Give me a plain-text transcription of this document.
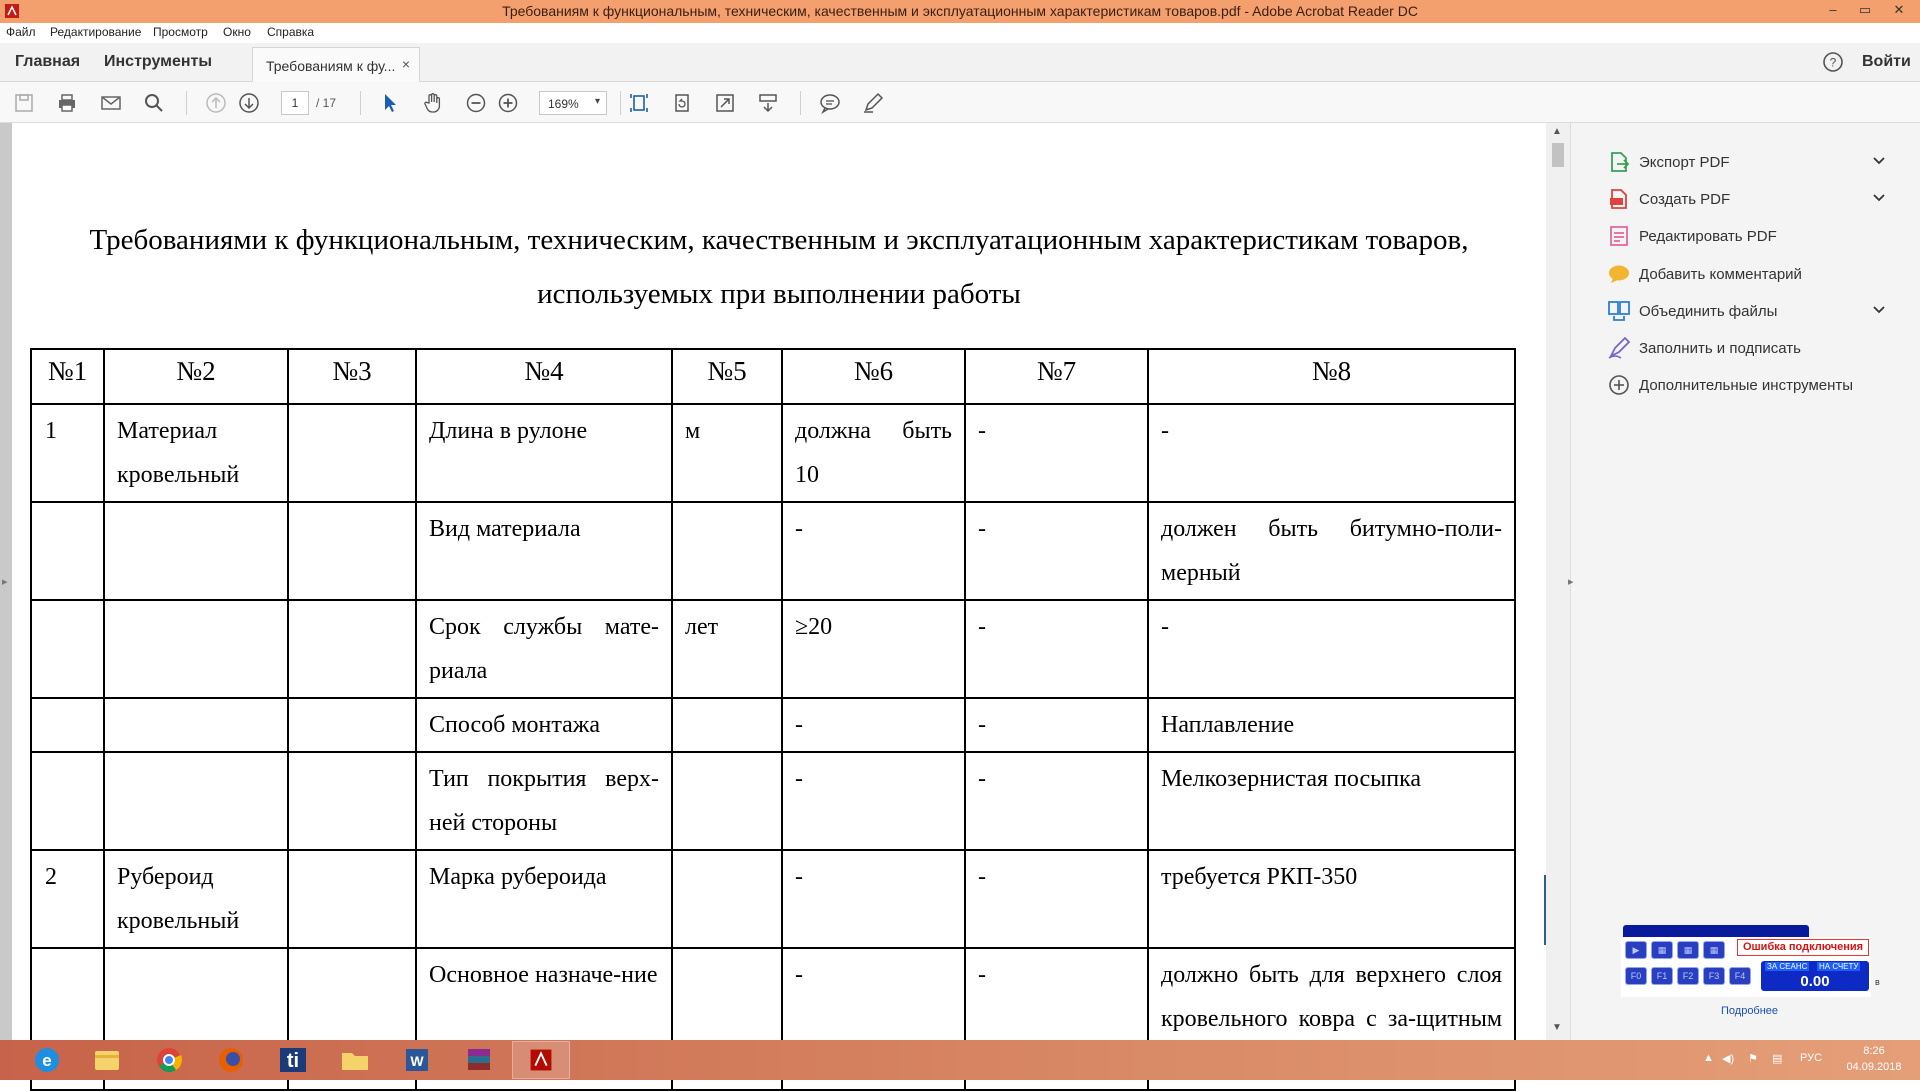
Требованиям к функциональным, техническим, качественным и эксплуатационным характеристикам товаров.pdf - Adobe Acrobat Reader DC	–	▭	✕
Файл Редактирование Просмотр Окно Справка
Главная Инструменты	Требованиям к фу... ×	? Войти
1	/ 17	169% ▾
Требованиями к функциональным, техническим, качественным и эксплуатационным характеристикам товаров,
используемых при выполнении работы
№1	№2	№3	№4	№5	№6	№7	№8
1	Материал кровельный		Длина в рулоне	м	должна быть 10	-	-
			Вид материала		-	-	должен быть битумно-поли-мерный
			Срок службы мате-риала	лет	≥20	-	-
			Способ монтажа		-	-	Наплавление
			Тип покрытия верх-ней стороны		-	-	Мелкозернистая посыпка
2	Рубероид кровельный		Марка рубероида		-	-	требуется РКП-350
			Основное назначе-ние		-	-	должно быть для верхнего слоя кровельного ковра с за-щитным
▸
▲
▼
▸
Экспорт PDF
Создать PDF
Редактировать PDF
Добавить комментарий
Объединить файлы
Заполнить и подписать
Дополнительные инструменты
▶	▦	▦	▦
F0	F1	F2	F3	F4
Ошибка подключения
ЗА СЕАНС НА СЧЕТУ
0.00	в
Подробнее
e	ti	W	▲ ◀) ⚑ ▤ РУС
8:26
04.09.2018
